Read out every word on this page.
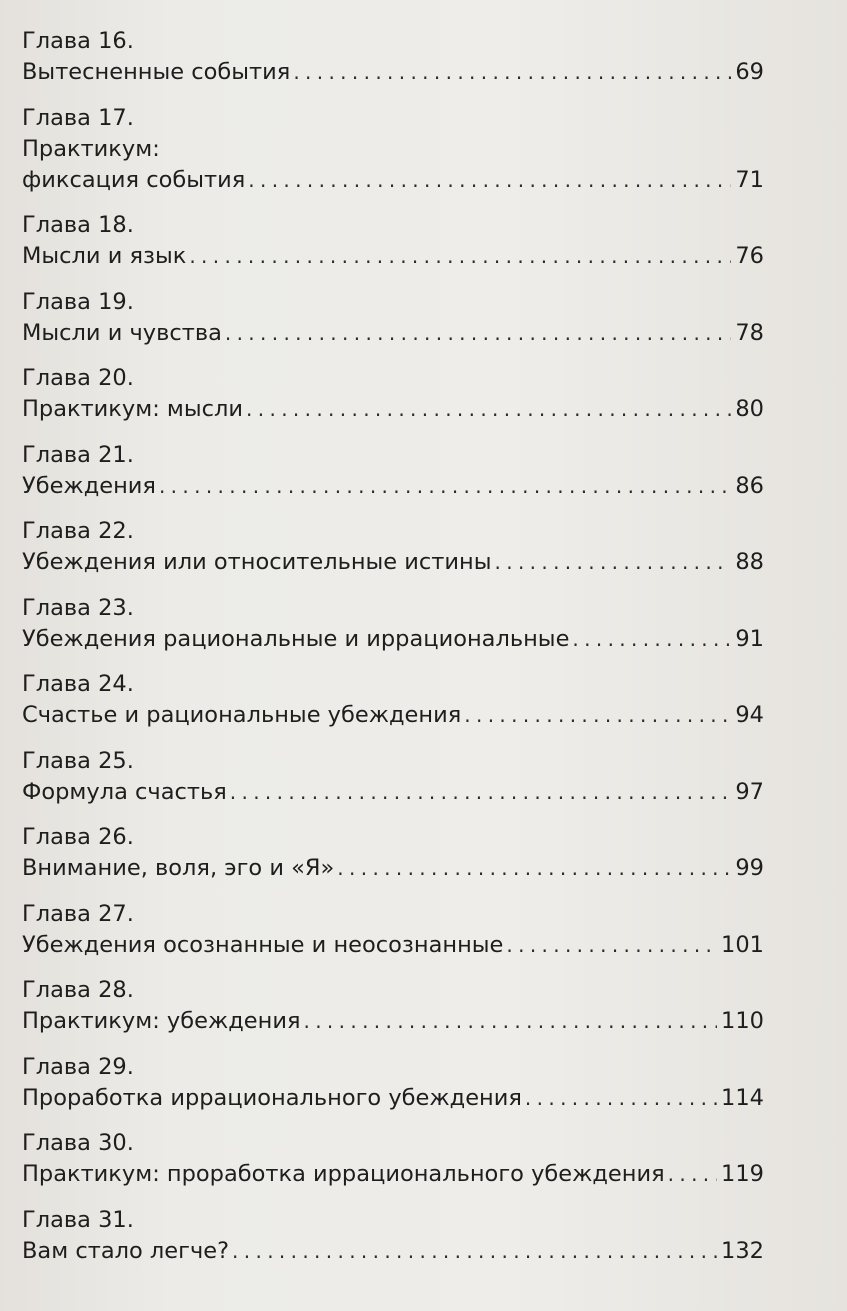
Глава 16.
Вытесненные события . . .	69
Глава 17.
Практикум:
фиксация события . . .	71
Глава 18.
Мысли и язык . . .	76
Глава 19.
Мысли и чувства . . .	78
Глава 20.
Практикум: мысли . . .	80
Глава 21.
Убеждения . . .	86
Глава 22.
Убеждения или относительные истины . . .	88
Глава 23.
Убеждения рациональные и иррациональные . . .	91
Глава 24.
Счастье и рациональные убеждения . . .	94
Глава 25.
Формула счастья . . .	97
Глава 26.
Внимание, воля, эго и «Я» . . .	99
Глава 27.
Убеждения осознанные и неосознанные . . .	101
Глава 28.
Практикум: убеждения . . .	110
Глава 29.
Проработка иррационального убеждения . . .	114
Глава 30.
Практикум: проработка иррационального убеждения . . .	119
Глава 31.
Вам стало легче? . . .	132
